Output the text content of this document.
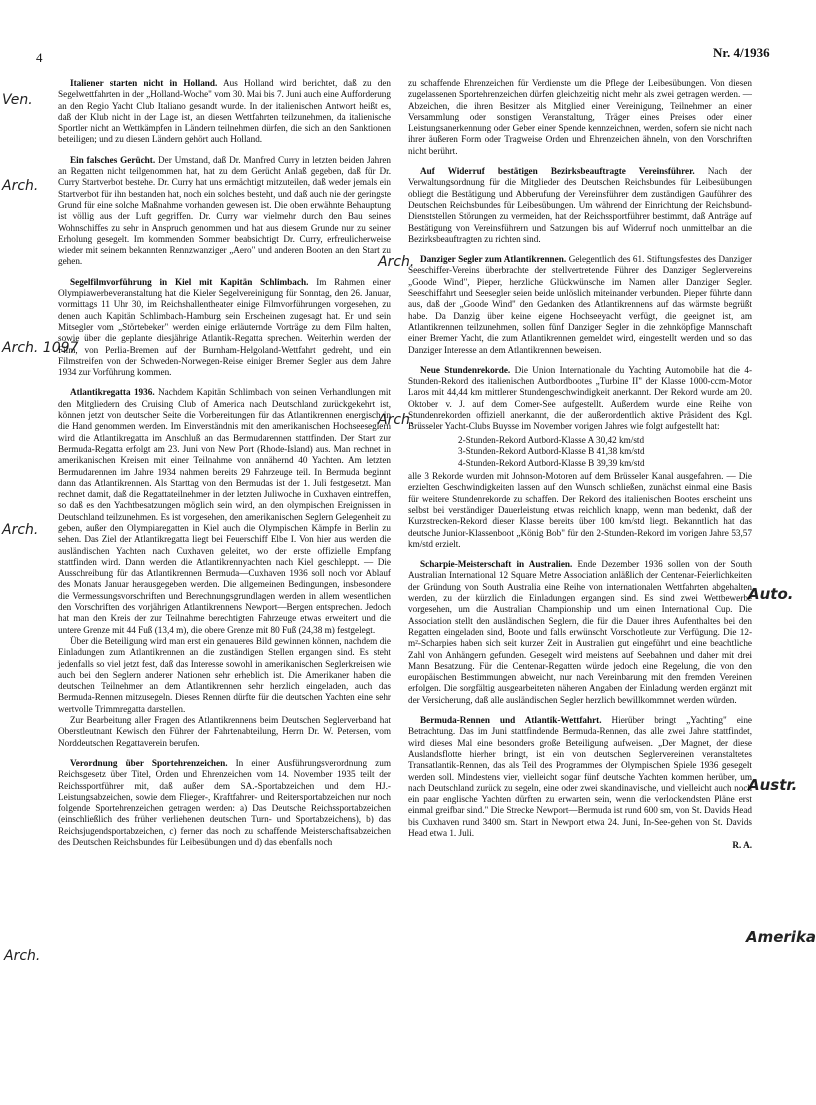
4	Nr. 4/1936
Ven.
Arch.
Arch. 1097
Arch.
Arch.
Arch.
Arch.
Auto.
Austr.
Amerika

Italiener starten nicht in Holland. Aus Holland wird berichtet, daß zu den Segelwettfahrten in der „Holland-Woche" vom 30. Mai bis 7. Juni auch eine Aufforderung an den Regio Yacht Club Italiano gesandt wurde. In der italienischen Antwort heißt es, daß der Klub nicht in der Lage ist, an diesen Wettfahrten teilzunehmen, da italienische Sportler nicht an Wettkämpfen in Ländern teilnehmen dürfen, die sich an den Sanktionen beteiligen; und zu diesen Ländern gehört auch Holland.

Ein falsches Gerücht. Der Umstand, daß Dr. Manfred Curry in letzten beiden Jahren an Regatten nicht teilgenommen hat, hat zu dem Gerücht Anlaß gegeben, daß für Dr. Curry Startverbot bestehe. Dr. Curry hat uns ermächtigt mitzuteilen, daß weder jemals ein Startverbot für ihn bestanden hat, noch ein solches besteht, und daß auch nie der geringste Grund für eine solche Maßnahme vorhanden gewesen ist. Die oben erwähnte Behauptung ist völlig aus der Luft gegriffen. Dr. Curry war vielmehr durch den Bau seines Wohnschiffes zu sehr in Anspruch genommen und hat aus diesem Grunde nur zu seiner Erholung gesegelt. Im kommenden Sommer beabsichtigt Dr. Curry, erfreulicherweise wieder mit seinem bekannten Rennzwanziger „Aero" und anderen Booten an den Start zu gehen.

Segelfilmvorführung in Kiel mit Kapitän Schlimbach. Im Rahmen einer Olympiawerbeveranstaltung hat die Kieler Segelvereinigung für Sonntag, den 26. Januar, vormittags 11 Uhr 30, im Reichshallentheater einige Filmvorführungen vorgesehen, zu denen auch Kapitän Schlimbach-Hamburg sein Erscheinen zugesagt hat. Er und sein Mitsegler vom „Störtebeker" werden einige erläuternde Vorträge zu dem Film halten, sowie über die geplante diesjährige Atlantik-Regatta sprechen. Weiterhin werden der Film, von Perlia-Bremen auf der Burnham-Helgoland-Wettfahrt gedreht, und ein Filmstreifen von der Schweden-Norwegen-Reise einiger Bremer Segler aus dem Jahre 1934 zur Vorführung kommen.

Atlantikregatta 1936. Nachdem Kapitän Schlimbach von seinen Verhandlungen mit den Mitgliedern des Cruising Club of America nach Deutschland zurückgekehrt ist, können jetzt von deutscher Seite die Vorbereitungen für das Atlantikrennen energisch in die Hand genommen werden. Im Einverständnis mit den amerikanischen Hochseeseglern wird die Atlantikregatta im Anschluß an das Bermudarennen stattfinden. Der Start zur Bermuda-Regatta erfolgt am 23. Juni von New Port (Rhode-Island) aus. Man rechnet in amerikanischen Kreisen mit einer Teilnahme von annähernd 40 Yachten. Am letzten Bermudarennen im Jahre 1934 nahmen bereits 29 Fahrzeuge teil. In Bermuda beginnt dann das Atlantikrennen. Als Starttag von den Bermudas ist der 1. Juli festgesetzt. Man rechnet damit, daß die Regattateilnehmer in der letzten Juliwoche in Cuxhaven eintreffen, so daß es den Yachtbesatzungen möglich sein wird, an den olympischen Ereignissen in Deutschland teilzunehmen. Es ist vorgesehen, den amerikanischen Seglern Gelegenheit zu geben, außer den Olympiaregatten in Kiel auch die Olympischen Kämpfe in Berlin zu sehen. Das Ziel der Atlantikregatta liegt bei Feuerschiff Elbe I. Von hier aus werden die ausländischen Yachten nach Cuxhaven geleitet, wo der erste offizielle Empfang stattfinden wird. Dann werden die Atlantikrennyachten nach Kiel geschleppt. — Die Ausschreibung für das Atlantikrennen Bermuda—Cuxhaven 1936 soll noch vor Ablauf des Monats Januar herausgegeben werden. Die allgemeinen Bedingungen, insbesondere die Vermessungsvorschriften und Berechnungsgrundlagen werden in allem wesentlichen den Vorschriften des vorjährigen Atlantikrennens Newport—Bergen entsprechen. Jedoch hat man den Kreis der zur Teilnahme berechtigten Fahrzeuge etwas erweitert und die untere Grenze mit 44 Fuß (13,4 m), die obere Grenze mit 80 Fuß (24,38 m) festgelegt.

Über die Beteiligung wird man erst ein genaueres Bild gewinnen können, nachdem die Einladungen zum Atlantikrennen an die zuständigen Stellen ergangen sind. Es steht jedenfalls so viel jetzt fest, daß das Interesse sowohl in amerikanischen Seglerkreisen wie auch bei den Seglern anderer Nationen sehr erheblich ist. Die Amerikaner haben die deutschen Teilnehmer an dem Atlantikrennen sehr herzlich eingeladen, auch das Bermuda-Rennen mitzusegeln. Dieses Rennen dürfte für die deutschen Yachten eine sehr wertvolle Trimmregatta darstellen.

Zur Bearbeitung aller Fragen des Atlantikrennens beim Deutschen Seglerverband hat Oberstleutnant Kewisch den Führer der Fahrtenabteilung, Herrn Dr. W. Petersen, vom Norddeutschen Regattaverein berufen.

Verordnung über Sportehrenzeichen. In einer Ausführungsverordnung zum Reichsgesetz über Titel, Orden und Ehrenzeichen vom 14. November 1935 teilt der Reichssportführer mit, daß außer dem SA.-Sportabzeichen und dem HJ.-Leistungsabzeichen, sowie dem Flieger-, Kraftfahrer- und Reitersportabzeichen nur noch folgende Sportehrenzeichen getragen werden: a) Das Deutsche Reichssportabzeichen (einschließlich des früher verliehenen deutschen Turn- und Sportabzeichens), b) das Reichsjugendsportabzeichen, c) ferner das noch zu schaffende Meisterschaftsabzeichen des Deutschen Reichsbundes für Leibesübungen und d) das ebenfalls noch

zu schaffende Ehrenzeichen für Verdienste um die Pflege der Leibesübungen. Von diesen zugelassenen Sportehrenzeichen dürfen gleichzeitig nicht mehr als zwei getragen werden. — Abzeichen, die ihren Besitzer als Mitglied einer Vereinigung, Teilnehmer an einer Versammlung oder sonstigen Veranstaltung, Träger eines Preises oder einer Leistungsanerkennung oder Geber einer Spende kennzeichnen, werden, sofern sie nicht nach ihrer äußeren Form oder Tragweise Orden und Ehrenzeichen ähneln, von den Vorschriften nicht berührt.

Auf Widerruf bestätigen Bezirksbeauftragte Vereinsführer. Nach der Verwaltungsordnung für die Mitglieder des Deutschen Reichsbundes für Leibesübungen obliegt die Bestätigung und Abberufung der Vereinsführer dem zuständigen Gauführer des Deutschen Reichsbundes für Leibesübungen. Um während der Einrichtung der Reichsbund-Dienststellen Störungen zu vermeiden, hat der Reichssportführer bestimmt, daß Anträge auf Bestätigung von Vereinsführern und Satzungen bis auf Widerruf noch unmittelbar an die Bezirksbeauftragten zu richten sind.

Danziger Segler zum Atlantikrennen. Gelegentlich des 61. Stiftungsfestes des Danziger Seeschiffer-Vereins überbrachte der stellvertretende Führer des Danziger Seglervereins „Goode Wind", Pieper, herzliche Glückwünsche im Namen aller Danziger Segler. Seeschiffahrt und Seesegler seien beide unlöslich miteinander verbunden. Pieper führte dann aus, daß der „Goode Wind" den Gedanken des Atlantikrennens auf das wärmste begrüßt habe. Da Danzig über keine eigene Hochseeyacht verfügt, die geeignet ist, am Atlantikrennen teilzunehmen, sollen fünf Danziger Segler in die zehnköpfige Mannschaft einer Bremer Yacht, die zum Atlantikrennen gemeldet wird, eingestellt werden und so das Danziger Interesse an dem Atlantikrennen beweisen.

Neue Stundenrekorde. Die Union Internationale du Yachting Automobile hat die 4-Stunden-Rekord des italienischen Autbordbootes „Turbine II" der Klasse 1000-ccm-Motor Laros mit 44,44 km mittlerer Stundengeschwindigkeit anerkannt. Der Rekord wurde am 20. Oktober v. J. auf dem Comer-See aufgestellt. Außerdem wurde eine Reihe von Stundenrekorden offiziell anerkannt, die der außerordentlich aktive Präsident des Kgl. Brüsseler Yacht-Clubs Buysse im November vorigen Jahres wie folgt aufgestellt hat:

2-Stunden-Rekord Autbord-Klasse A 30,42 km/std
3-Stunden-Rekord Autbord-Klasse B 41,38 km/std
4-Stunden-Rekord Autbord-Klasse B 39,39 km/std

alle 3 Rekorde wurden mit Johnson-Motoren auf dem Brüsseler Kanal ausgefahren. — Die erzielten Geschwindigkeiten lassen auf den Wunsch schließen, zunächst einmal eine Basis für weitere Stundenrekorde zu schaffen. Der Rekord des italienischen Bootes erscheint uns selbst bei verständiger Dauerleistung etwas reichlich knapp, wenn man bedenkt, daß der Kurzstrecken-Rekord dieser Klasse bereits über 100 km/std liegt. Bekanntlich hat das deutsche Junior-Klassenboot „König Bob" für den 2-Stunden-Rekord im vorigen Jahre 53,57 km/std erzielt.

Scharpie-Meisterschaft in Australien. Ende Dezember 1936 sollen von der South Australian International 12 Square Metre Association anläßlich der Centenar-Feierlichkeiten der Gründung von South Australia eine Reihe von internationalen Wettfahrten abgehalten werden, zu der kürzlich die Einladungen ergangen sind. Es sind zwei Wettbewerbe vorgesehen, um die Australian Championship und um einen International Cup. Die Association stellt den ausländischen Seglern, die für die Dauer ihres Aufenthaltes bei den Regatten eingeladen sind, Boote und falls erwünscht Vorschotleute zur Verfügung. Die 12-m²-Scharpies haben sich seit kurzer Zeit in Australien gut eingeführt und eine beachtliche Zahl von Anhängern gefunden. Gesegelt wird meistens auf Seebahnen und daher mit drei Mann Besatzung. Für die Centenar-Regatten würde jedoch eine Regelung, die von den europäischen Bestimmungen abweicht, nur nach Vereinbarung mit den fremden Vereinen erfolgen. Die sorgfältig ausgearbeiteten näheren Angaben der Einladung werden ergänzt mit der Versicherung, daß alle ausländischen Segler herzlich bewillkommnet werden würden.

Bermuda-Rennen und Atlantik-Wettfahrt. Hierüber bringt „Yachting" eine Betrachtung. Das im Juni stattfindende Bermuda-Rennen, das alle zwei Jahre stattfindet, wird dieses Mal eine besonders große Beteiligung aufweisen. „Der Magnet, der diese Auslandsflotte hierher bringt, ist ein von deutschen Seglervereinen veranstaltetes Transatlantik-Rennen, das als Teil des Programmes der Olympischen Spiele 1936 gesegelt werden soll. Mindestens vier, vielleicht sogar fünf deutsche Yachten kommen herüber, um nach Deutschland zurück zu segeln, eine oder zwei skandinavische, und vielleicht auch noch ein paar englische Yachten dürften zu erwarten sein, wenn die verlockendsten Pläne erst einmal greifbar sind." Die Strecke Newport—Bermuda ist rund 600 sm, von St. Davids Head bis Cuxhaven rund 3400 sm. Start in Newport etwa 24. Juni, In-See-gehen von St. Davids Head etwa 1. Juli.

R. A.
